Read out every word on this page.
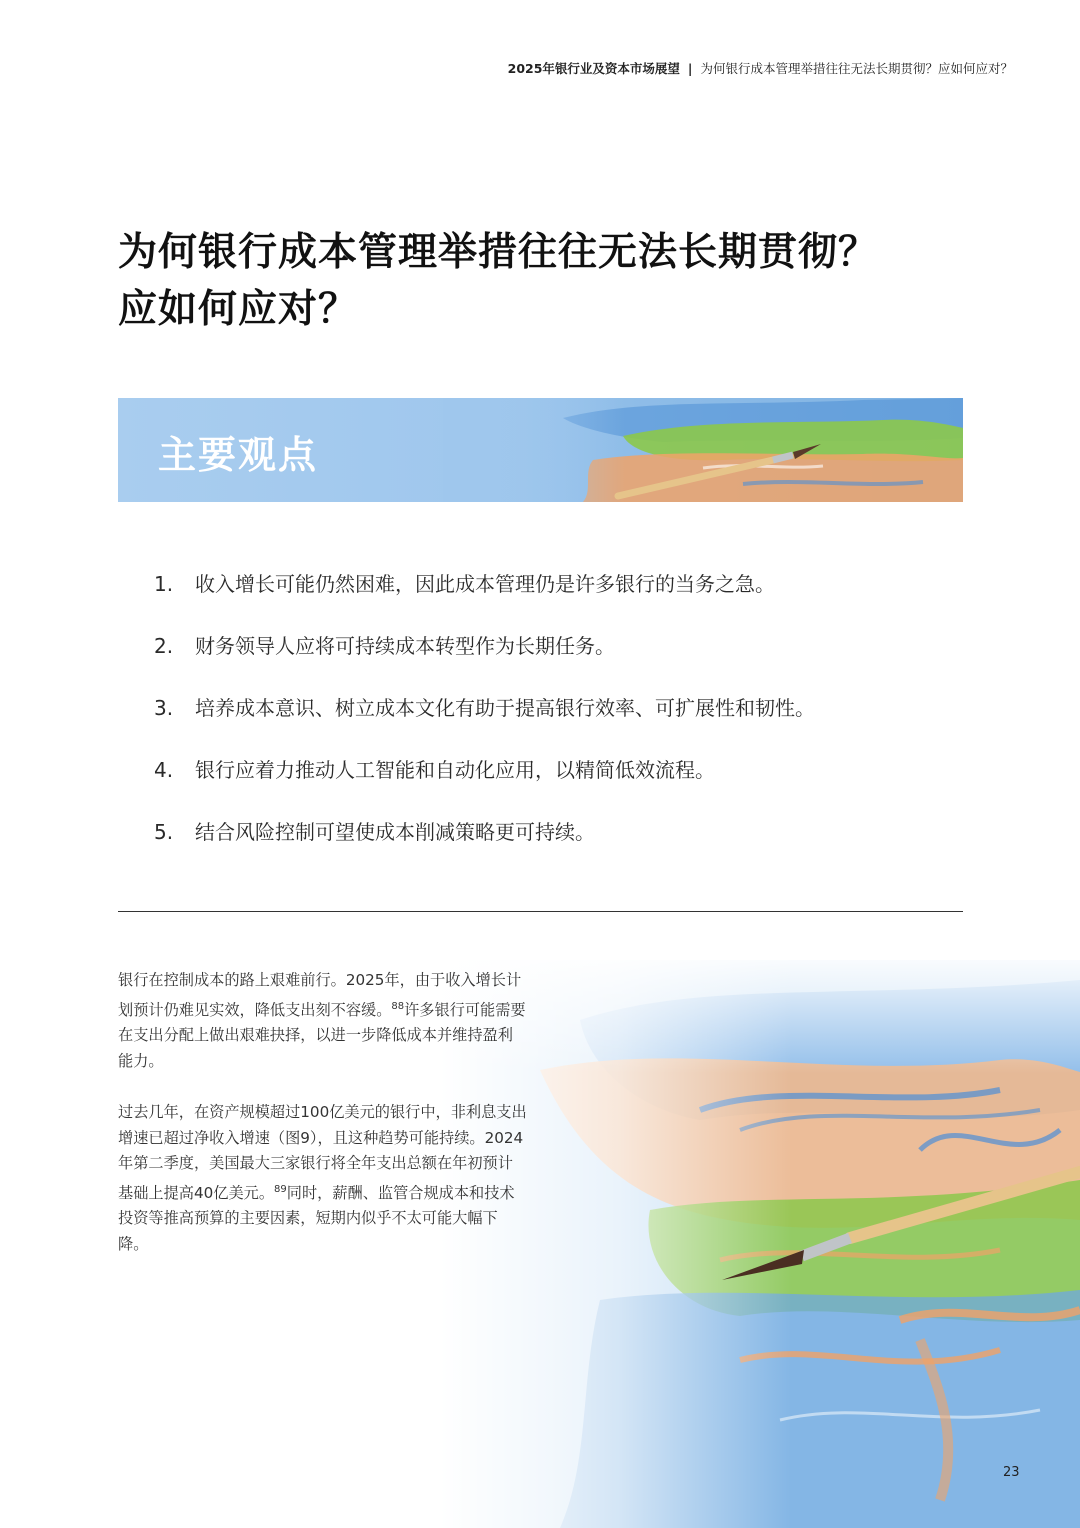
2025年银行业及资本市场展望 | 为何银行成本管理举措往往无法长期贯彻？应如何应对？
为何银行成本管理举措往往无法长期贯彻？
应如何应对？
主要观点
1. 收入增长可能仍然困难，因此成本管理仍是许多银行的当务之急。
2. 财务领导人应将可持续成本转型作为长期任务。
3. 培养成本意识、树立成本文化有助于提高银行效率、可扩展性和韧性。
4. 银行应着力推动人工智能和自动化应用，以精简低效流程。
5. 结合风险控制可望使成本削减策略更可持续。

银行在控制成本的路上艰难前行。2025年，由于收入增长计划预计仍难见实效，降低支出刻不容缓。$^{88}$许多银行可能需要在支出分配上做出艰难抉择，以进一步降低成本并维持盈利能力。

过去几年，在资产规模超过100亿美元的银行中，非利息支出增速已超过净收入增速（图9），且这种趋势可能持续。2024年第二季度，美国最大三家银行将全年支出总额在年初预计基础上提高40亿美元。$^{89}$同时，薪酬、监管合规成本和技术投资等推高预算的主要因素，短期内似乎不太可能大幅下降。

23
